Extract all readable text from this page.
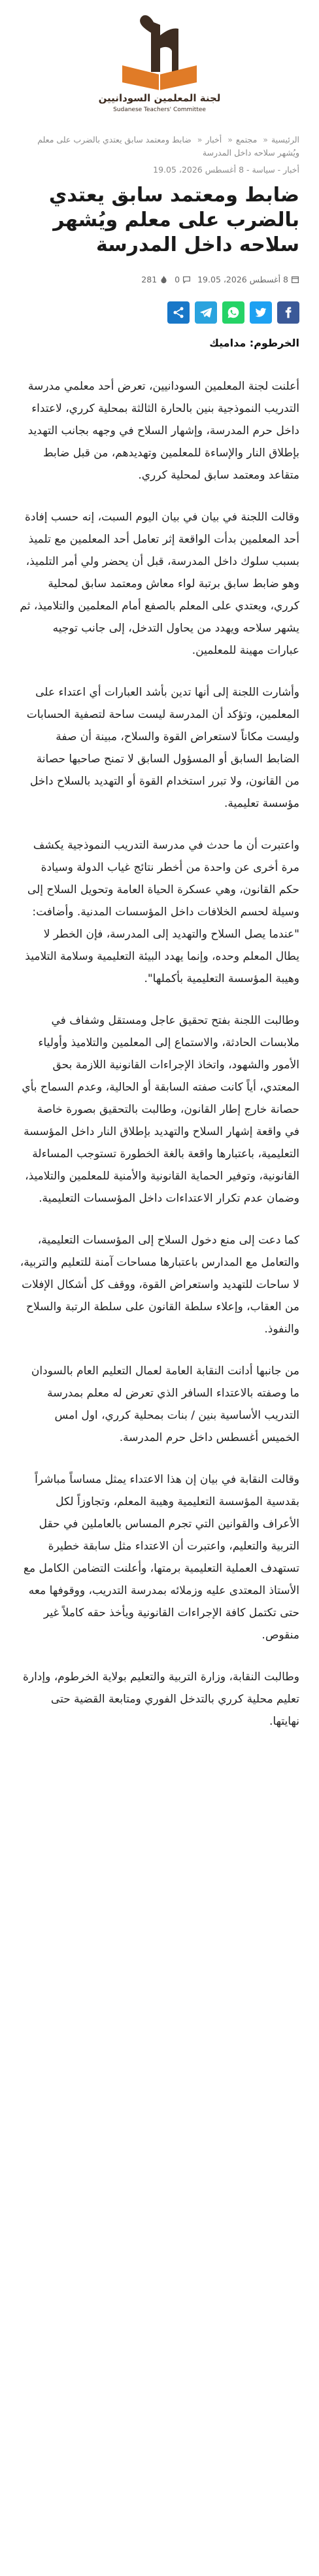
لجنة المعلمين السودانيين
Sudanese Teachers' Committee
الرئيسية« مجتمع« أخبار« ضابط ومعتمد سابق يعتدي بالضرب على معلم ويُشهر سلاحه داخل المدرسة
أخبار - سياسة - 8 أغسطس 2026، 19.05
ضابط ومعتمد سابق يعتدي بالضرب على معلم ويُشهر سلاحه داخل المدرسة
8 أغسطس 2026، 19.05
0
281
الخرطوم: مداميك

أعلنت لجنة المعلمين السودانيين، تعرض أحد معلمي مدرسة التدريب النموذجية بنين بالحارة الثالثة بمحلية كرري، لاعتداء داخل حرم المدرسة، وإشهار السلاح في وجهه بجانب التهديد بإطلاق النار والإساءة للمعلمين وتهديدهم، من قبل ضابط متقاعد ومعتمد سابق لمحلية كرري.

وقالت اللجنة في بيان في بيان اليوم السبت، إنه حسب إفادة أحد المعلمين بدأت الواقعة إثر تعامل أحد المعلمين مع تلميذ بسبب سلوك داخل المدرسة، قبل أن يحضر ولي أمر التلميذ، وهو ضابط سابق برتبة لواء معاش ومعتمد سابق لمحلية كرري، ويعتدي على المعلم بالصفع أمام المعلمين والتلاميذ، ثم يشهر سلاحه ويهدد من يحاول التدخل، إلى جانب توجيه عبارات مهينة للمعلمين.

وأشارت اللجنة إلى أنها تدين بأشد العبارات أي اعتداء على المعلمين، وتؤكد أن المدرسة ليست ساحة لتصفية الحسابات وليست مكاناً لاستعراض القوة والسلاح، مبينة أن صفة الضابط السابق أو المسؤول السابق لا تمنح صاحبها حصانة من القانون، ولا تبرر استخدام القوة أو التهديد بالسلاح داخل مؤسسة تعليمية.

واعتبرت أن ما حدث في مدرسة التدريب النموذجية يكشف مرة أخرى عن واحدة من أخطر نتائج غياب الدولة وسيادة حكم القانون، وهي عسكرة الحياة العامة وتحويل السلاح إلى وسيلة لحسم الخلافات داخل المؤسسات المدنية. وأضافت: "عندما يصل السلاح والتهديد إلى المدرسة، فإن الخطر لا يطال المعلم وحده، وإنما يهدد البيئة التعليمية وسلامة التلاميذ وهيبة المؤسسة التعليمية بأكملها".

وطالبت اللجنة بفتح تحقيق عاجل ومستقل وشفاف في ملابسات الحادثة، والاستماع إلى المعلمين والتلاميذ وأولياء الأمور والشهود، واتخاذ الإجراءات القانونية اللازمة بحق المعتدي، أياً كانت صفته السابقة أو الحالية، وعدم السماح بأي حصانة خارج إطار القانون، وطالبت بالتحقيق بصورة خاصة في واقعة إشهار السلاح والتهديد بإطلاق النار داخل المؤسسة التعليمية، باعتبارها واقعة بالغة الخطورة تستوجب المساءلة القانونية، وتوفير الحماية القانونية والأمنية للمعلمين والتلاميذ، وضمان عدم تكرار الاعتداءات داخل المؤسسات التعليمية.

كما دعت إلى منع دخول السلاح إلى المؤسسات التعليمية، والتعامل مع المدارس باعتبارها مساحات آمنة للتعليم والتربية، لا ساحات للتهديد واستعراض القوة، ووقف كل أشكال الإفلات من العقاب، وإعلاء سلطة القانون على سلطة الرتبة والسلاح والنفوذ.

من جانبها أدانت النقابة العامة لعمال التعليم العام بالسودان ما وصفته بالاعتداء السافر الذي تعرض له معلم بمدرسة التدريب الأساسية بنين / بنات بمحلية كرري، اول امس الخميس أغسطس داخل حرم المدرسة.

وقالت النقابة في بيان إن هذا الاعتداء يمثل مساساً مباشراً بقدسية المؤسسة التعليمية وهيبة المعلم، وتجاوزاً لكل الأعراف والقوانين التي تجرم المساس بالعاملين في حقل التربية والتعليم، واعتبرت أن الاعتداء مثل سابقة خطيرة تستهدف العملية التعليمية برمتها، وأعلنت التضامن الكامل مع الأستاذ المعتدى عليه وزملائه بمدرسة التدريب، ووقوفها معه حتى تكتمل كافة الإجراءات القانونية ويأخذ حقه كاملاً غير منقوص.

وطالبت النقابة، وزارة التربية والتعليم بولاية الخرطوم، وإدارة تعليم محلية كرري بالتدخل الفوري ومتابعة القضية حتى نهايتها.
